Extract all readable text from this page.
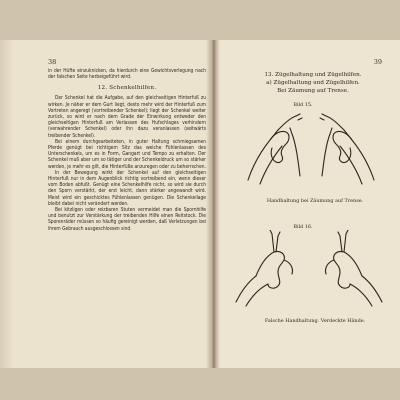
38

in der Hüfte einzuknicken, da hierdurch eine Gewichtsverlegung nach der falschen Seite herbeigeführt wird.

12. Schenkelhilfen.

Der Schenkel hat die Aufgabe, auf den gleichseitigen Hinterfuß zu wirken. Je näher er dem Gurt liegt, desto mehr wird der Hinterfuß zum Vortreten angeregt (vortreibender Schenkel); liegt der Schenkel weiter zurück, so wird er nach dem Grade der Einwirkung entweder den gleichseitigen Hinterfuß am Verlassen des Hufschlages verhindern (verwahrender Schenkel) oder ihn dazu veranlassen (seitwärts treibender Schenkel).

Bei einem durchgearbeiteten, in guter Haltung schmiegsamen Pferde genügt bei richtigem Sitz das weiche Fühlenlassen des Unterschenkels, um es in Form, Gangart und Tempo zu erhalten. Der Schenkel muß aber um so tätiger und der Schenkeldruck um so stärker werden, je mehr es gilt, die Hinterfüße anzuregen oder zu beherrschen.

In der Bewegung wirkt der Schenkel auf den gleichseitigen Hinterfuß nur in dem Augenblick richtig vortreibend ein, wenn dieser vom Boden abfußt. Genügt eine Schenkelhilfe nicht, so wird sie durch den Sporn verstärkt, der erst leicht, dann stärker angewandt wird. Meist wird ein geschicktes Fühlenlassen genügen. Die Schenkellage bleibt dabei nicht verändert werden.

Bei kitzligen oder reizbaren Stuten vermeidet man die Spornhilfe und benutzt zur Verstärkung der treibenden Hilfe einen Reitstock. Die Sporenräder müssen so häufig gereinigt werden, daß Verletzungen bei ihrem Gebrauch ausgeschlossen sind.

39
13. Zügelhaltung und Zügelhilfen.
a) Zügelhaltung und Zügelhilfen.
Bei Zäumung auf Trense.
Bild 15.
Handhaltung bei Zäumung auf Trense.
Bild 16.
Falsche Handhaltung. Verdeckte Hände.
